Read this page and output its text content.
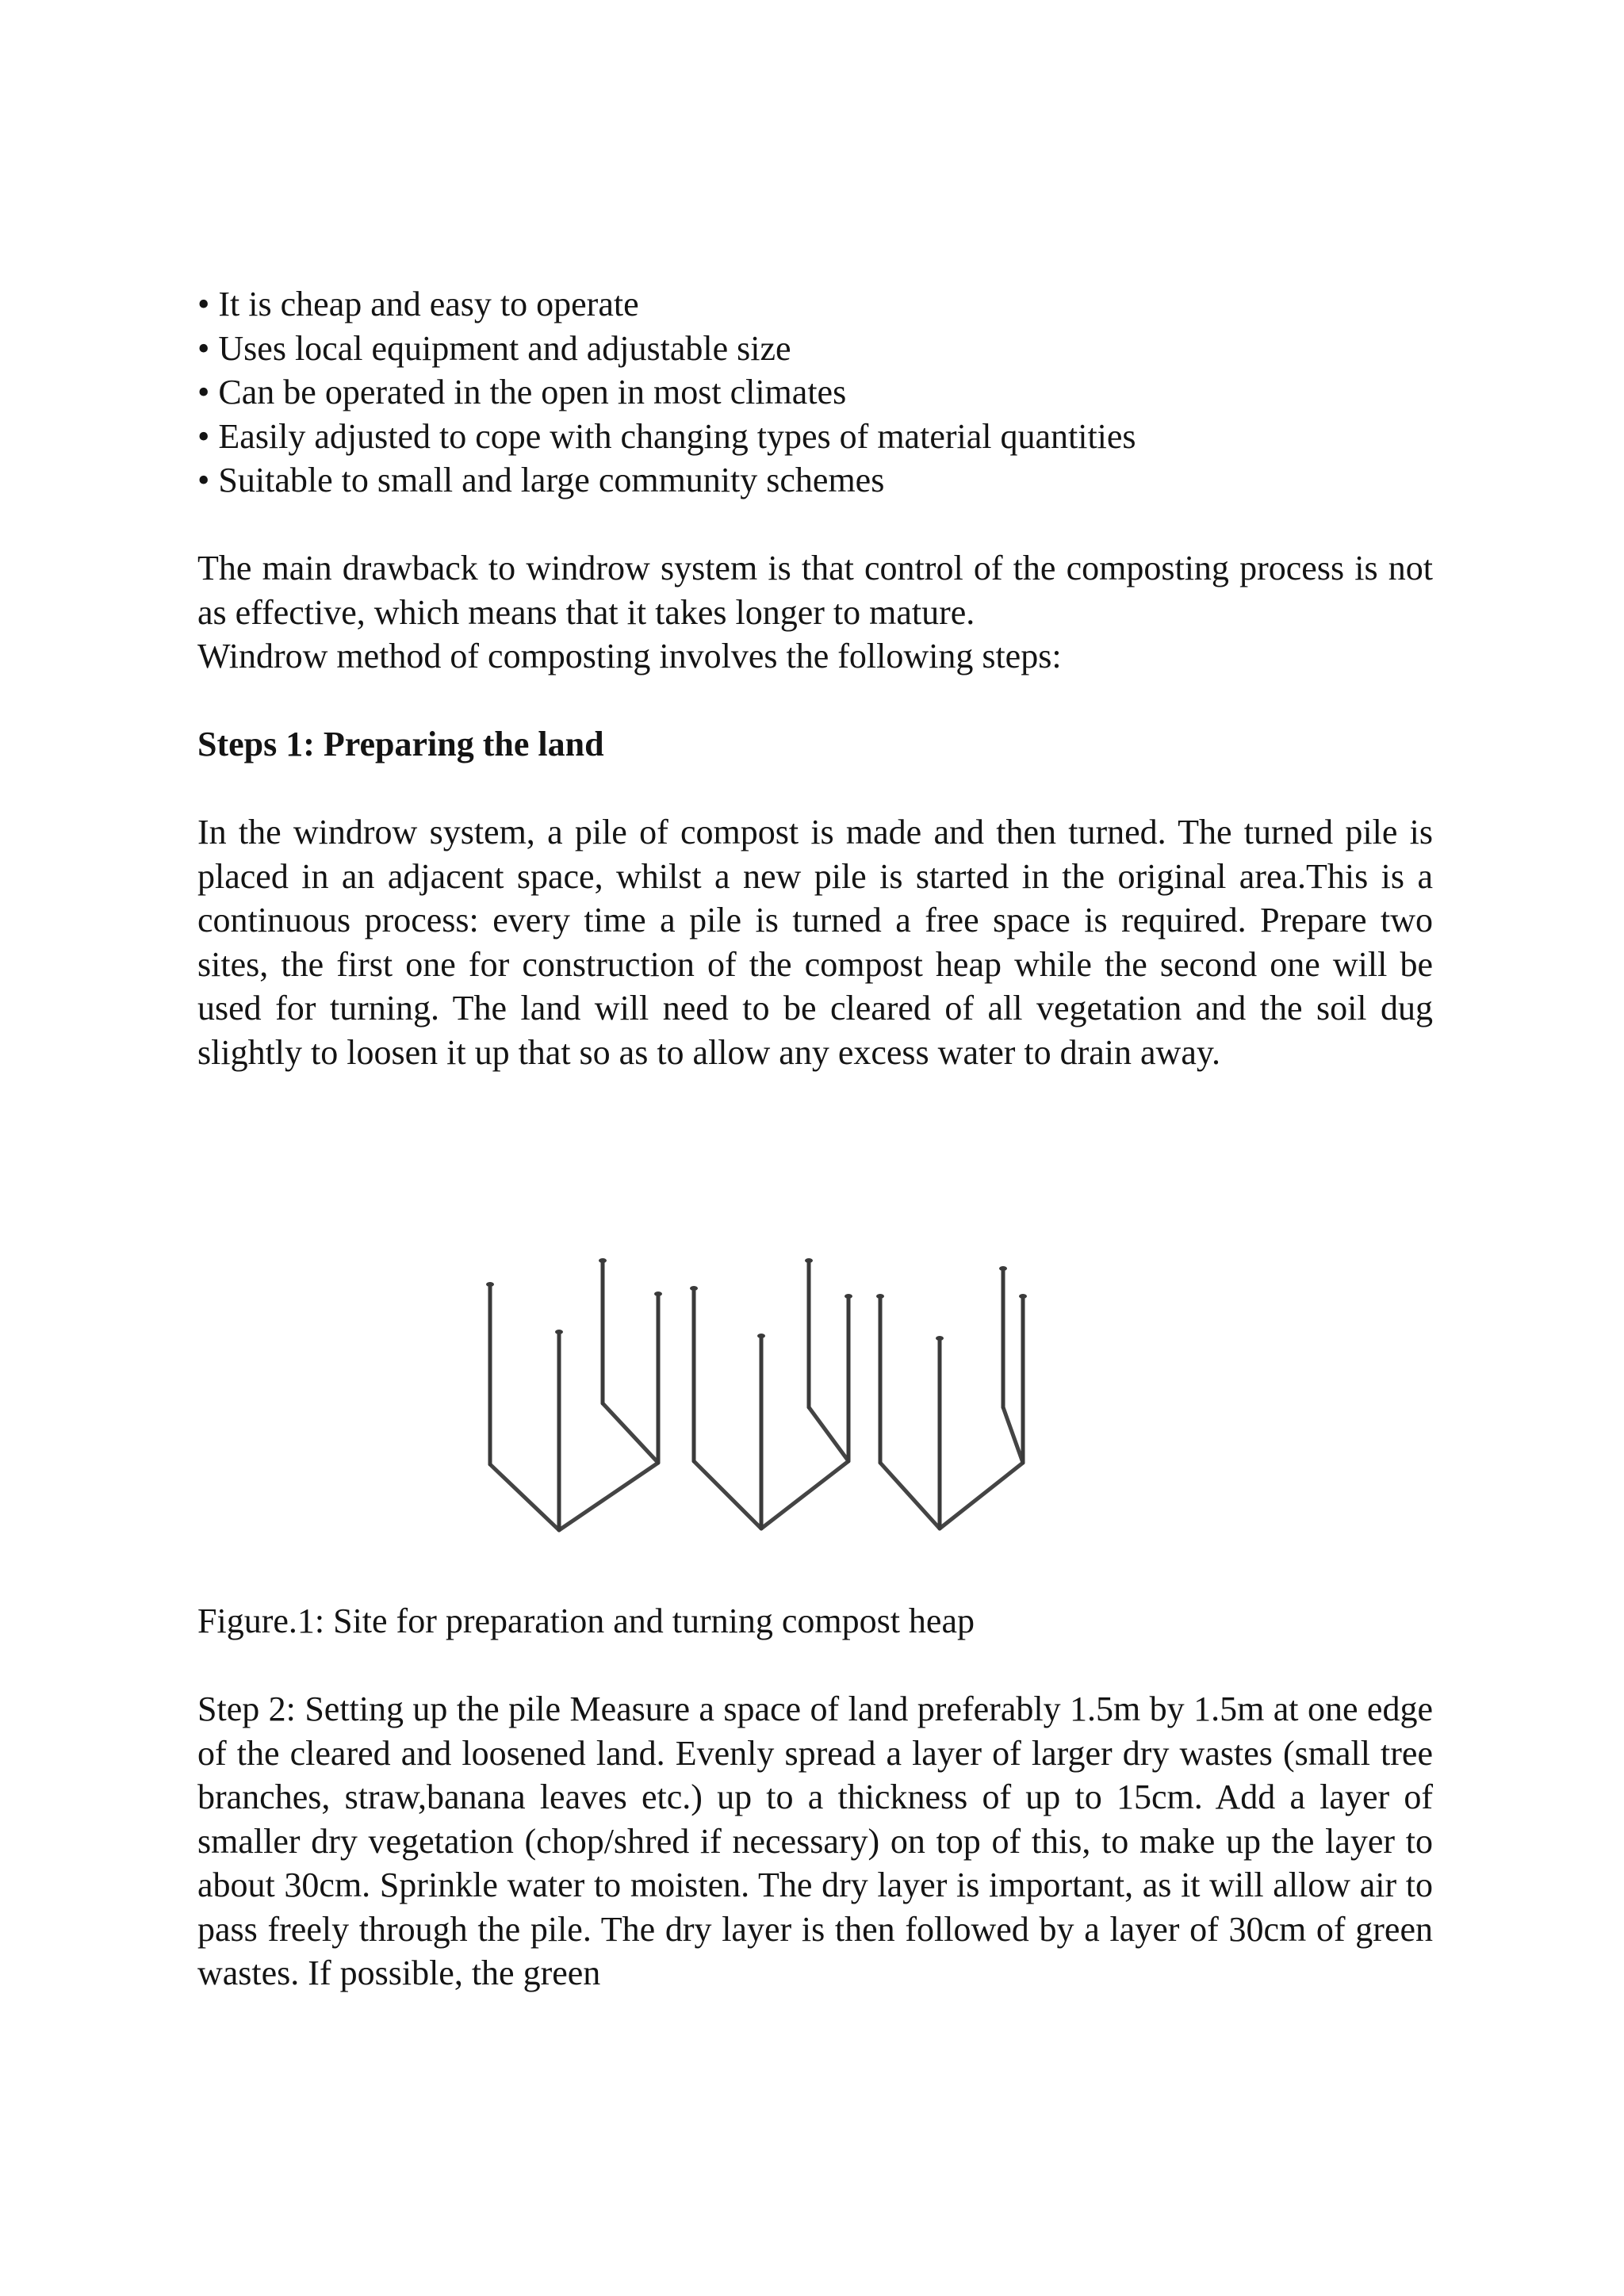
• It is cheap and easy to operate
• Uses local equipment and adjustable size
• Can be operated in the open in most climates
• Easily adjusted to cope with changing types of material quantities
• Suitable to small and large community schemes

The main drawback to windrow system is that control of the composting process is not as effective, which means that it takes longer to mature.

Windrow method of composting involves the following steps:

Steps 1: Preparing the land

In the windrow system, a pile of compost is made and then turned. The turned pile is placed in an adjacent space, whilst a new pile is started in the original area.This is a continuous process: every time a pile is turned a free space is required. Prepare two sites, the first one for construction of the compost heap while the second one will be used for turning. The land will need to be cleared of all vegetation and the soil dug slightly to loosen it up that so as to allow any excess water to drain away.

Figure.1: Site for preparation and turning compost heap

Step 2: Setting up the pile Measure a space of land preferably 1.5m by 1.5m at one edge of the cleared and loosened land. Evenly spread a layer of larger dry wastes (small tree branches, straw,banana leaves etc.) up to a thickness of up to 15cm. Add a layer of smaller dry vegetation (chop/shred if necessary) on top of this, to make up the layer to about 30cm. Sprinkle water to moisten. The dry layer is important, as it will allow air to pass freely through the pile. The dry layer is then followed by a layer of 30cm of green wastes. If possible, the green
